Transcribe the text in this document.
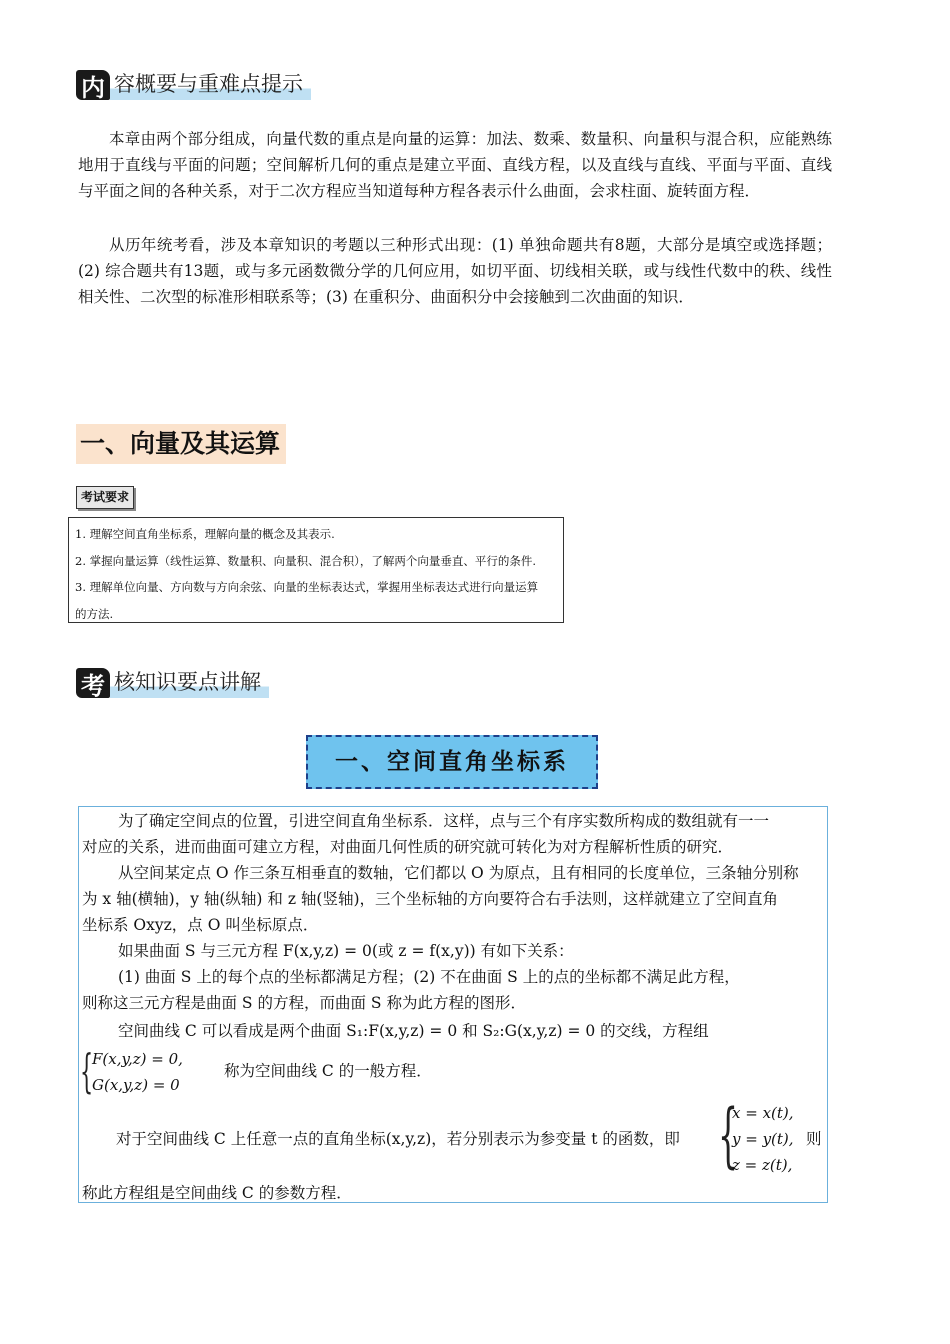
内 容概要与重难点提示

本章由两个部分组成，向量代数的重点是向量的运算：加法、数乘、数量积、向量积与混合积，应能熟练地用于直线与平面的问题；空间解析几何的重点是建立平面、直线方程，以及直线与直线、平面与平面、直线与平面之间的各种关系，对于二次方程应当知道每种方程各表示什么曲面，会求柱面、旋转面方程．

从历年统考看，涉及本章知识的考题以三种形式出现：(1) 单独命题共有8题，大部分是填空或选择题；(2) 综合题共有13题，或与多元函数微分学的几何应用，如切平面、切线相关联，或与线性代数中的秩、线性相关性、二次型的标准形相联系等；(3) 在重积分、曲面积分中会接触到二次曲面的知识．

一、向量及其运算
考试要求
1. 理解空间直角坐标系，理解向量的概念及其表示.
2. 掌握向量运算（线性运算、数量积、向量积、混合积），了解两个向量垂直、平行的条件.
3. 理解单位向量、方向数与方向余弦、向量的坐标表达式，掌握用坐标表达式进行向量运算
的方法.
考 核知识要点讲解
一、空间直角坐标系
为了确定空间点的位置，引进空间直角坐标系．这样，点与三个有序实数所构成的数组就有一一
对应的关系，进而曲面可建立方程，对曲面几何性质的研究就可转化为对方程解析性质的研究．
从空间某定点 O 作三条互相垂直的数轴，它们都以 O 为原点，且有相同的长度单位，三条轴分别称
为 x 轴(横轴)，y 轴(纵轴) 和 z 轴(竖轴)，三个坐标轴的方向要符合右手法则，这样就建立了空间直角
坐标系 Oxyz，点 O 叫坐标原点．
如果曲面 S 与三元方程 F(x,y,z) = 0(或 z = f(x,y)) 有如下关系：
(1) 曲面 S 上的每个点的坐标都满足方程；(2) 不在曲面 S 上的点的坐标都不满足此方程，
则称这三元方程是曲面 S 的方程，而曲面 S 称为此方程的图形．
空间曲线 C 可以看成是两个曲面 S₁:F(x,y,z) = 0 和 S₂:G(x,y,z) = 0 的交线，方程组
{
F(x,y,z) = 0,
G(x,y,z) = 0
称为空间曲线 C 的一般方程．
对于空间曲线 C 上任意一点的直角坐标(x,y,z)，若分别表示为参变量 t 的函数，即 {
x = x(t),
y = y(t),
z = z(t),
则
称此方程组是空间曲线 C 的参数方程．
